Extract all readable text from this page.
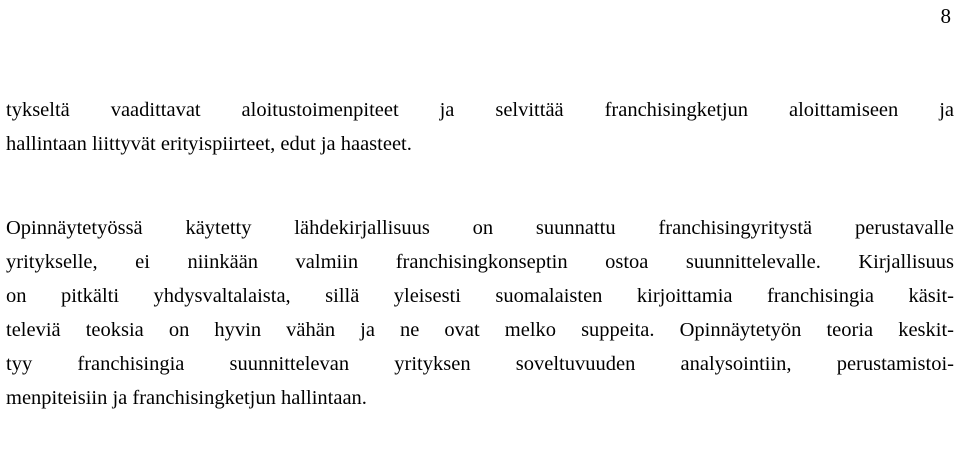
8
tykseltä vaadittavat aloitustoimenpiteet ja selvittää franchisingketjun aloittamiseen ja
hallintaan liittyvät erityispiirteet, edut ja haasteet.
Opinnäytetyössä käytetty lähdekirjallisuus on suunnattu franchisingyritystä perustavalle
yritykselle, ei niinkään valmiin franchisingkonseptin ostoa suunnittelevalle. Kirjallisuus
on pitkälti yhdysvaltalaista, sillä yleisesti suomalaisten kirjoittamia franchisingia käsit-
televiä teoksia on hyvin vähän ja ne ovat melko suppeita. Opinnäytetyön teoria keskit-
tyy franchisingia suunnittelevan yrityksen soveltuvuuden analysointiin, perustamistoi-
menpiteisiin ja franchisingketjun hallintaan.
